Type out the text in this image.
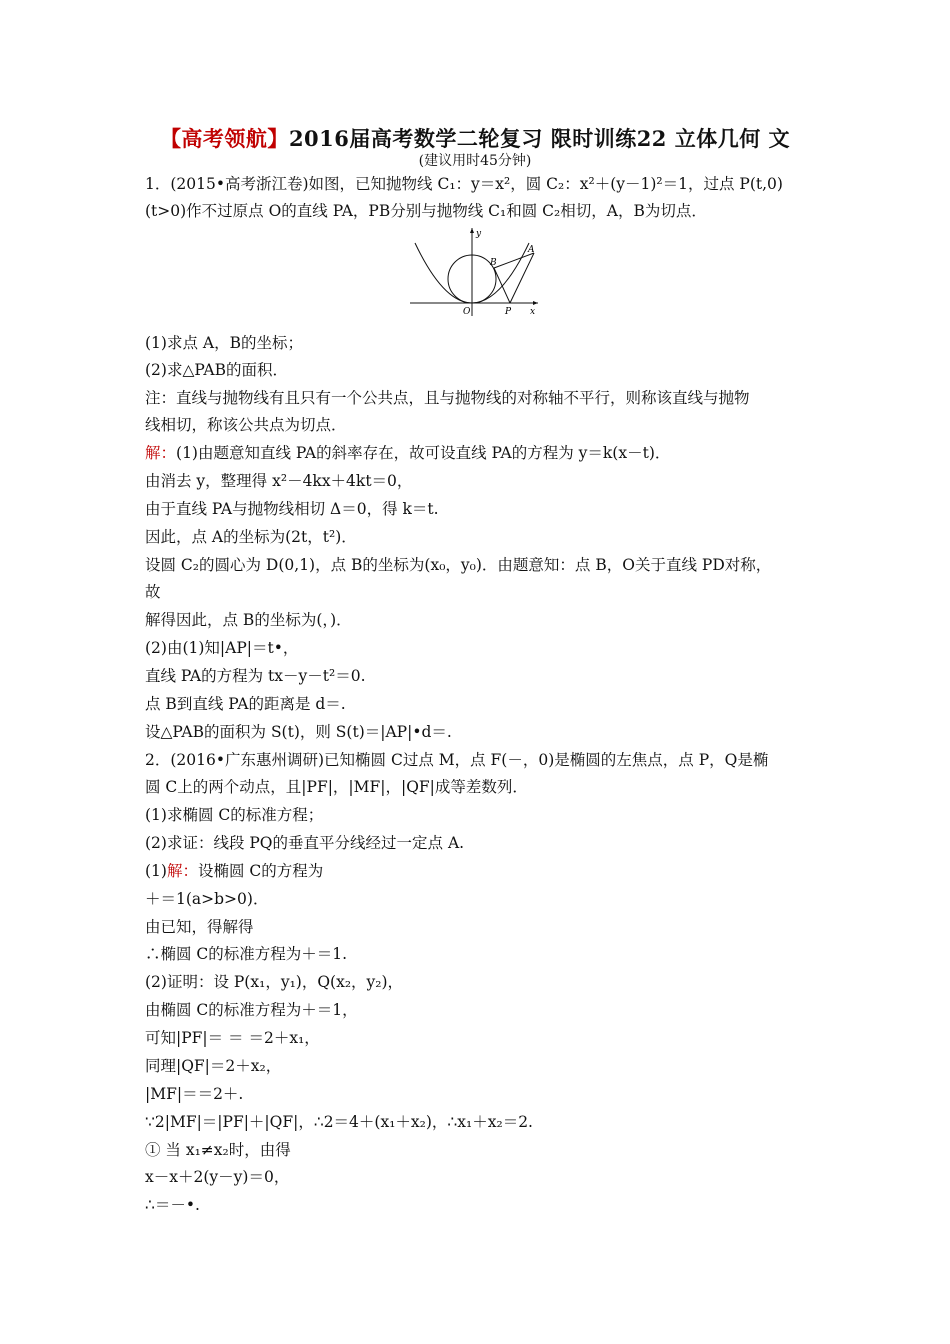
【高考领航】2016届高考数学二轮复习 限时训练22 立体几何 文
(建议用时45分钟)
1．(2015•高考浙江卷)如图，已知抛物线 C₁：y＝x²，圆 C₂：x²＋(y－1)²＝1，过点 P(t,0)
(t>0)作不过原点 O的直线 PA，PB分别与抛物线 C₁和圆 C₂相切，A，B为切点．
y
x
O	P
A
B
(1)求点 A，B的坐标；
(2)求△PAB的面积．
注：直线与抛物线有且只有一个公共点，且与抛物线的对称轴不平行，则称该直线与抛物
线相切，称该公共点为切点．
解：(1)由题意知直线 PA的斜率存在，故可设直线 PA的方程为 y＝k(x－t)．
由消去 y，整理得 x²－4kx＋4kt＝0，
由于直线 PA与抛物线相切 Δ＝0，得 k＝t.
因此，点 A的坐标为(2t，t²)．
设圆 C₂的圆心为 D(0,1)，点 B的坐标为(x₀，y₀)．由题意知：点 B，O关于直线 PD对称，
故
解得因此，点 B的坐标为(，)．
(2)由(1)知|AP|＝t•，
直线 PA的方程为 tx－y－t²＝0.
点 B到直线 PA的距离是 d＝.
设△PAB的面积为 S(t)，则 S(t)＝|AP|•d＝.
2．(2016•广东惠州调研)已知椭圆 C过点 M，点 F(－，0)是椭圆的左焦点，点 P，Q是椭
圆 C上的两个动点，且|PF|，|MF|，|QF|成等差数列．
(1)求椭圆 C的标准方程；
(2)求证：线段 PQ的垂直平分线经过一定点 A.
(1)解：设椭圆 C的方程为
＋＝1(a>b>0)．
由已知，得解得
∴椭圆 C的标准方程为＋＝1.
(2)证明：设 P(x₁，y₁)，Q(x₂，y₂)，
由椭圆 C的标准方程为＋＝1，
可知|PF|＝ ＝ ＝2＋x₁，
同理|QF|＝2＋x₂，
|MF|＝＝2＋.
∵2|MF|＝|PF|＋|QF|，∴2＝4＋(x₁＋x₂)，∴x₁＋x₂＝2.
① 当 x₁≠x₂时，由得
x－x＋2(y－y)＝0，
∴＝－•.
